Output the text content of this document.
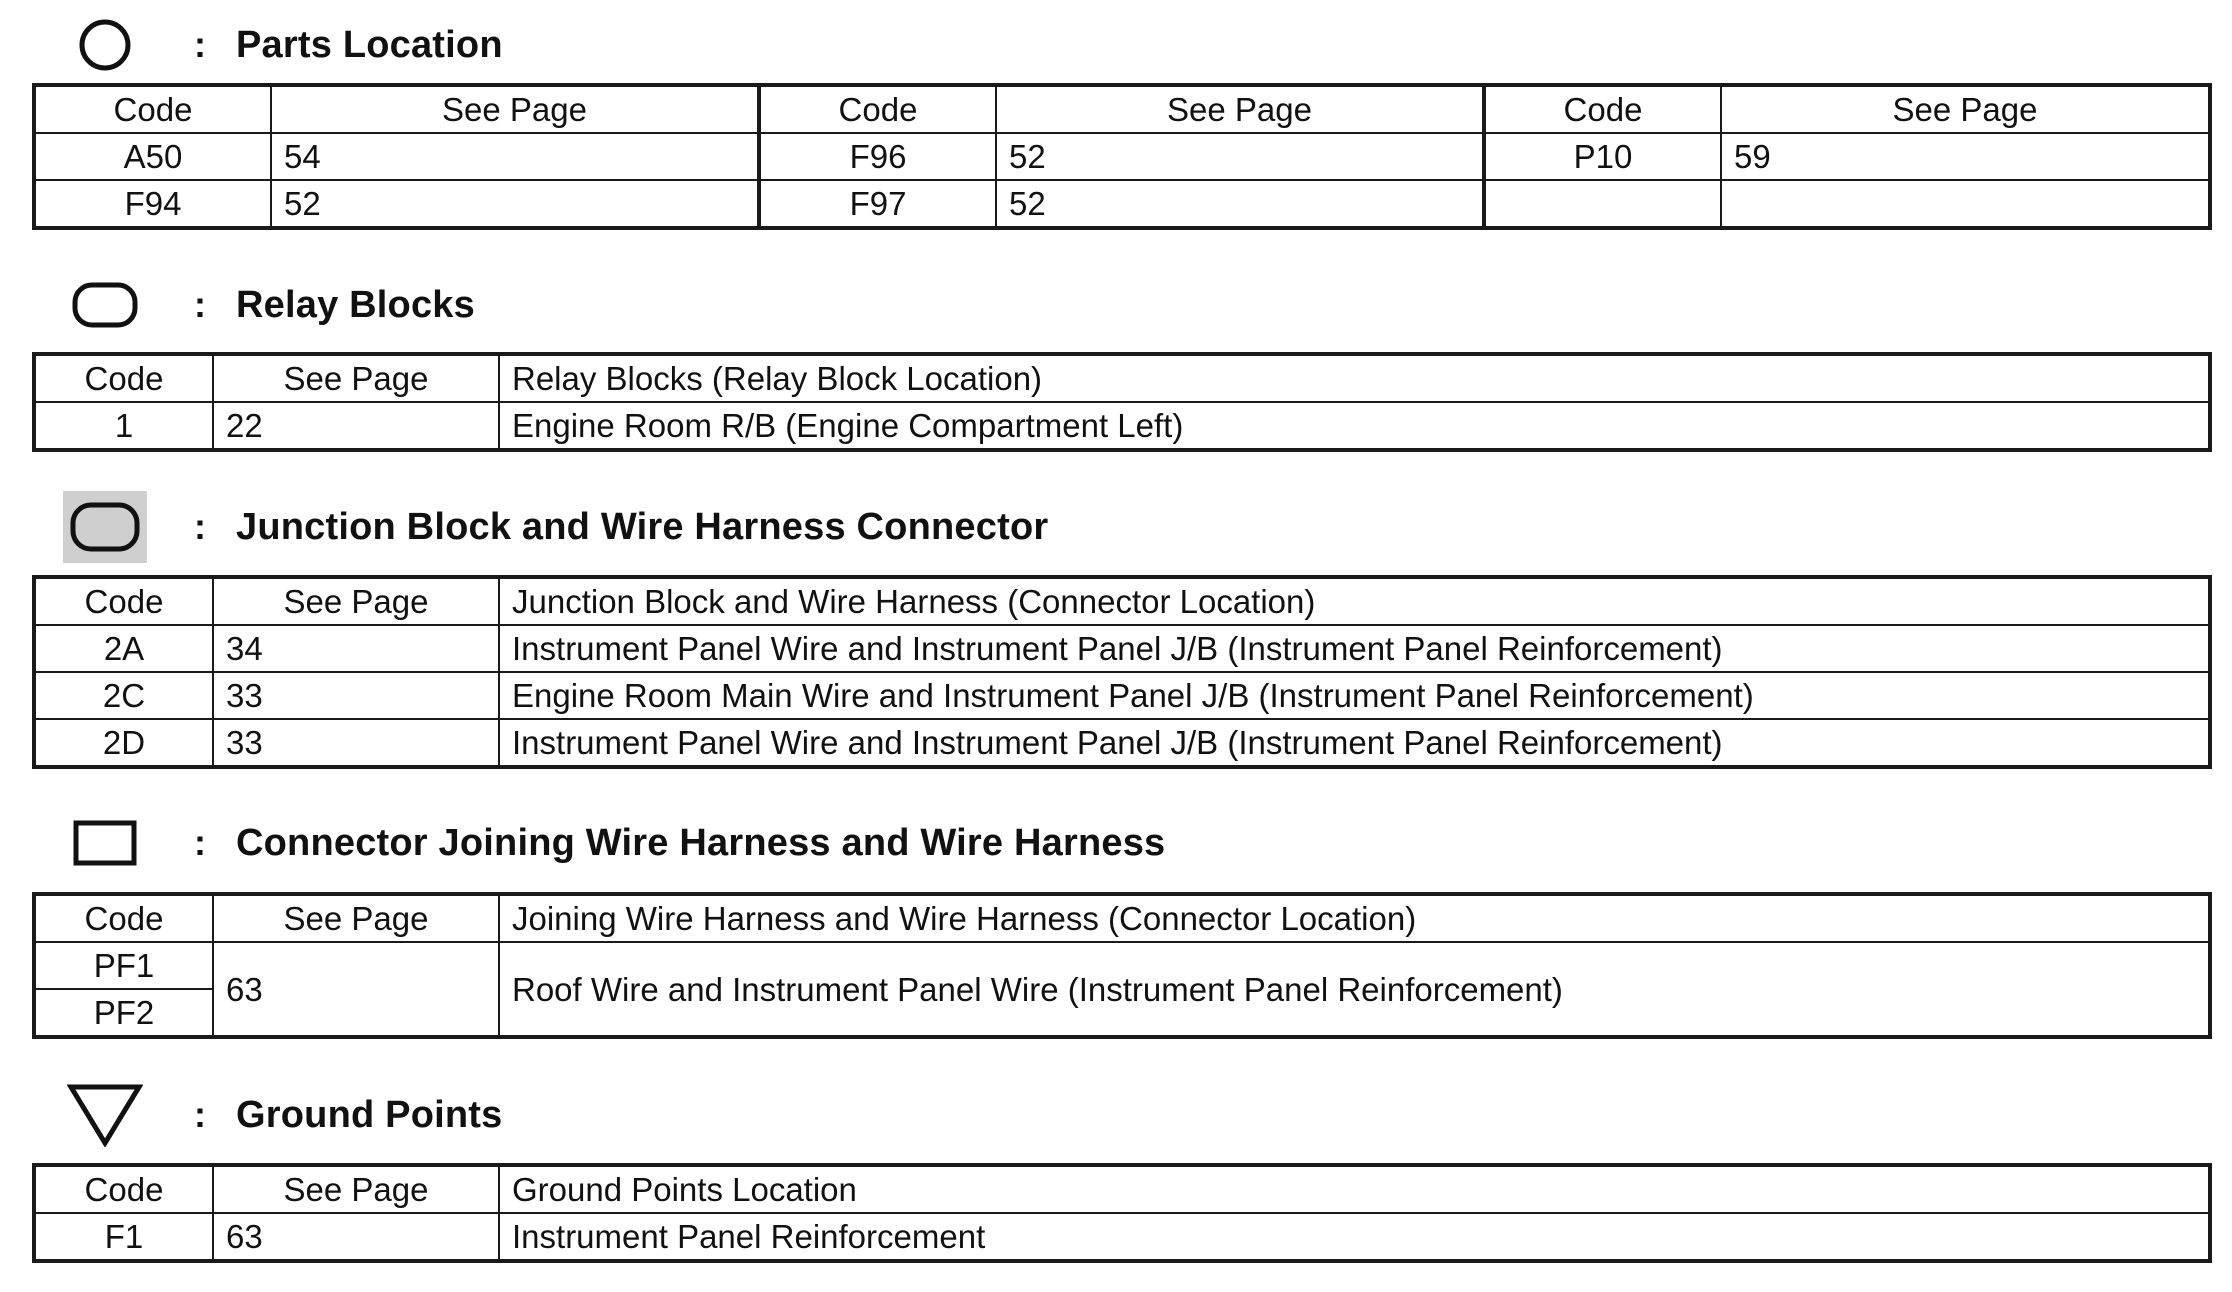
: Parts Location
Code	See Page	Code	See Page	Code	See Page
A50	54	F96	52	P10	59
F94	52	F97	52		
: Relay Blocks
Code	See Page	Relay Blocks (Relay Block Location)
1	22	Engine Room R/B (Engine Compartment Left)
: Junction Block and Wire Harness Connector
Code	See Page	Junction Block and Wire Harness (Connector Location)
2A	34	Instrument Panel Wire and Instrument Panel J/B (Instrument Panel Reinforcement)
2C	33	Engine Room Main Wire and Instrument Panel J/B (Instrument Panel Reinforcement)
2D	33	Instrument Panel Wire and Instrument Panel J/B (Instrument Panel Reinforcement)
: Connector Joining Wire Harness and Wire Harness
Code	See Page	Joining Wire Harness and Wire Harness (Connector Location)
PF1	63	Roof Wire and Instrument Panel Wire (Instrument Panel Reinforcement)
PF2		
: Ground Points
Code	See Page	Ground Points Location
F1	63	Instrument Panel Reinforcement
